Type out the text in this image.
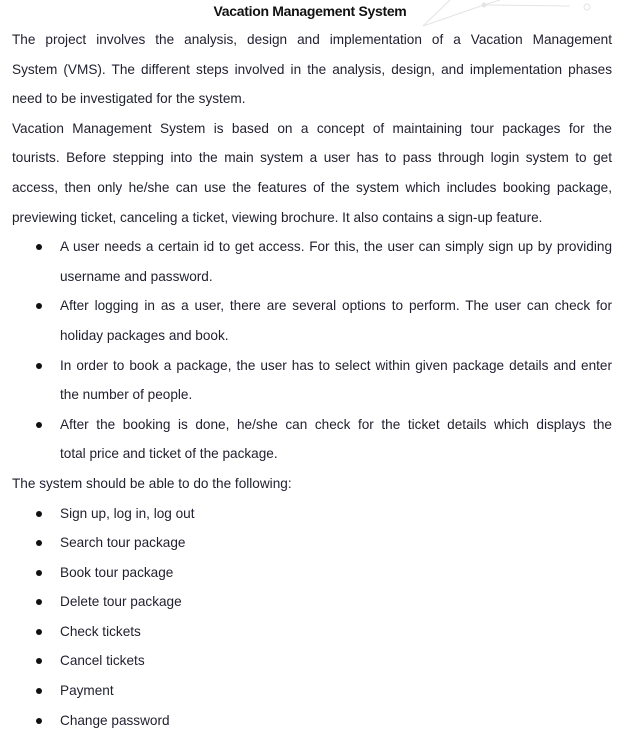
Vacation Management System
The project involves the analysis, design and implementation of a Vacation Management
System (VMS). The different steps involved in the analysis, design, and implementation phases
need to be investigated for the system.
Vacation Management System is based on a concept of maintaining tour packages for the
tourists. Before stepping into the main system a user has to pass through login system to get
access, then only he/she can use the features of the system which includes booking package,
previewing ticket, canceling a ticket, viewing brochure. It also contains a sign-up feature.
A user needs a certain id to get access. For this, the user can simply sign up by providing
username and password.
After logging in as a user, there are several options to perform. The user can check for
holiday packages and book.
In order to book a package, the user has to select within given package details and enter
the number of people.
After the booking is done, he/she can check for the ticket details which displays the
total price and ticket of the package.
The system should be able to do the following:
Sign up, log in, log out
Search tour package
Book tour package
Delete tour package
Check tickets
Cancel tickets
Payment
Change password
